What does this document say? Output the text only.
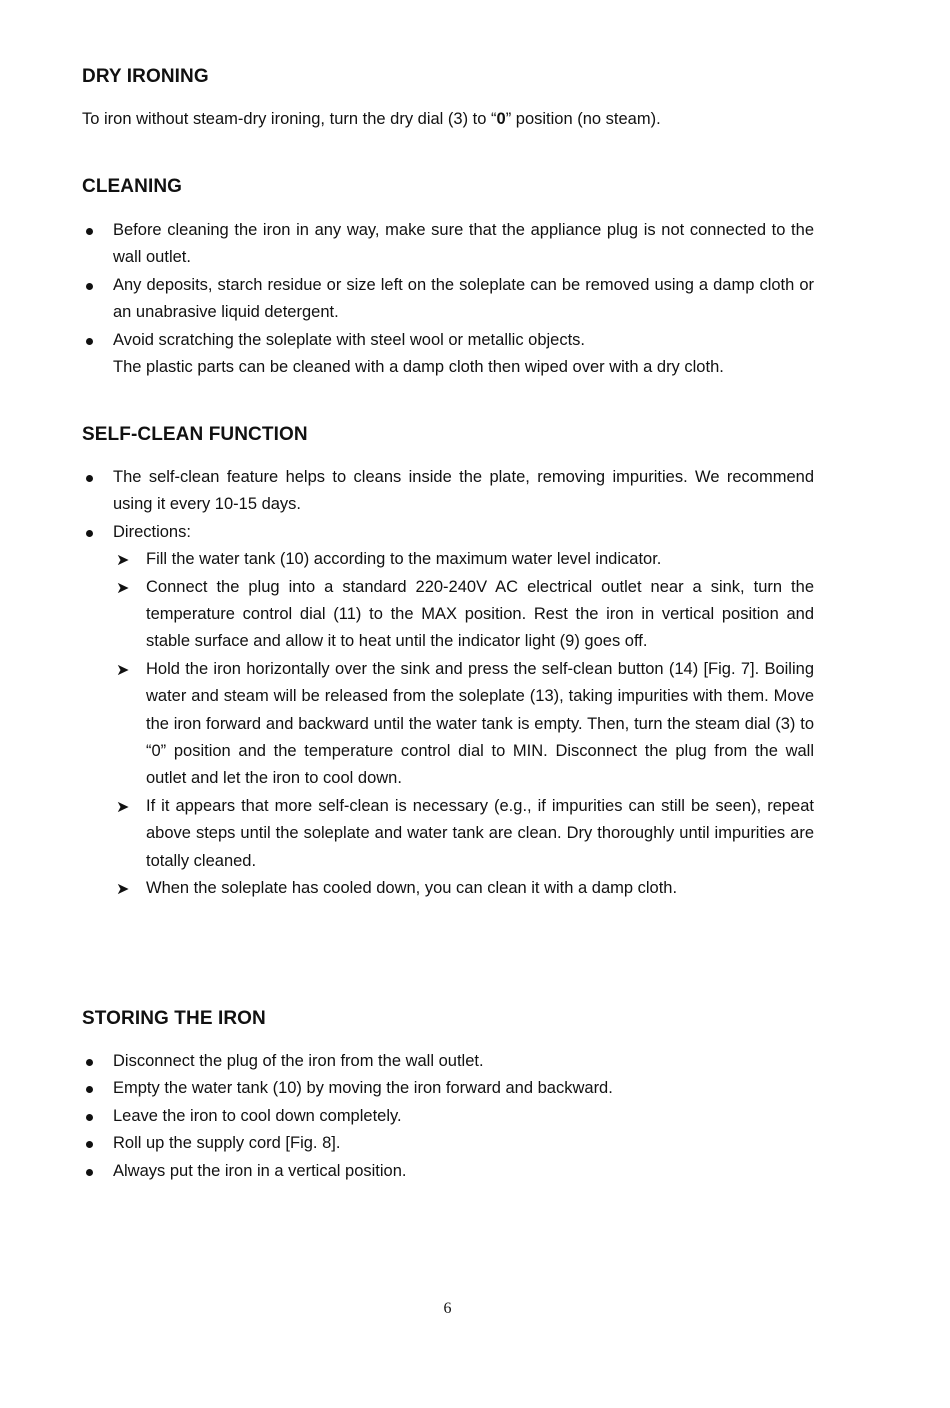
DRY IRONING

To iron without steam-dry ironing, turn the dry dial (3) to “0” position (no steam).

CLEANING
Before cleaning the iron in any way, make sure that the appliance plug is not connected to the wall outlet.
Any deposits, starch residue or size left on the soleplate can be removed using a damp cloth or an unabrasive liquid detergent.
Avoid scratching the soleplate with steel wool or metallic objects.
The plastic parts can be cleaned with a damp cloth then wiped over with a dry cloth.
SELF-CLEAN FUNCTION
The self-clean feature helps to cleans inside the plate, removing impurities. We recommend using it every 10-15 days.
Directions:
➤ Fill the water tank (10) according to the maximum water level indicator.
➤ Connect the plug into a standard 220-240V AC electrical outlet near a sink, turn the temperature control dial (11) to the MAX position. Rest the iron in vertical position and stable surface and allow it to heat until the indicator light (9) goes off.
➤ Hold the iron horizontally over the sink and press the self-clean button (14) [Fig. 7]. Boiling water and steam will be released from the soleplate (13), taking impurities with them. Move the iron forward and backward until the water tank is empty. Then, turn the steam dial (3) to “0” position and the temperature control dial to MIN. Disconnect the plug from the wall outlet and let the iron to cool down.
➤ If it appears that more self-clean is necessary (e.g., if impurities can still be seen), repeat above steps until the soleplate and water tank are clean. Dry thoroughly until impurities are totally cleaned.
➤ When the soleplate has cooled down, you can clean it with a damp cloth.
STORING THE IRON
Disconnect the plug of the iron from the wall outlet.
Empty the water tank (10) by moving the iron forward and backward.
Leave the iron to cool down completely.
Roll up the supply cord [Fig. 8].
Always put the iron in a vertical position.
6
